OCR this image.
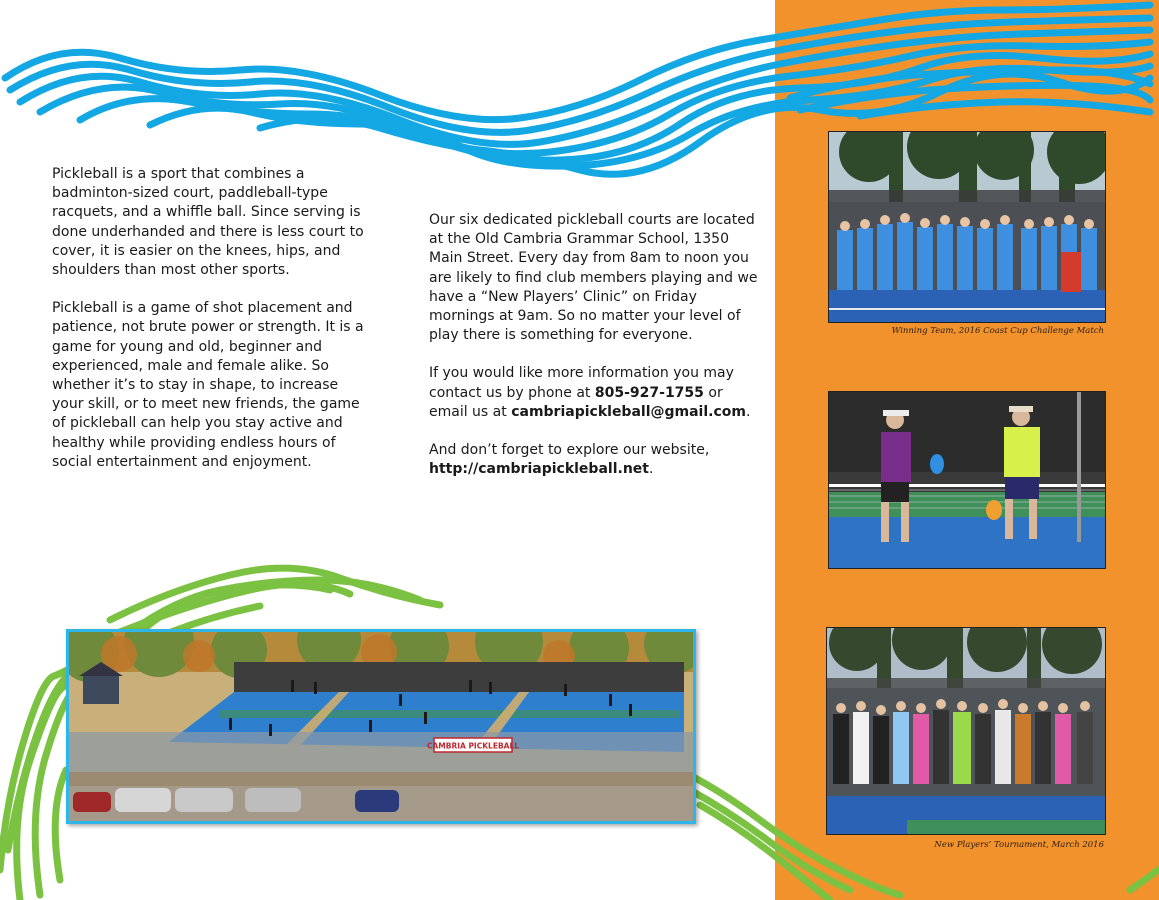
Pickleball is a sport that combines a badminton-sized court, paddleball-type racquets, and a whiffle ball. Since serving is done underhanded and there is less court to cover, it is easier on the knees, hips, and shoulders than most other sports.

Pickleball is a game of shot placement and patience, not brute power or strength. It is a game for young and old, beginner and experienced, male and female alike. So whether it’s to stay in shape, to increase your skill, or to meet new friends, the game of pickleball can help you stay active and healthy while providing endless hours of social entertainment and enjoyment.

Our six dedicated pickleball courts are located at the Old Cambria Grammar School, 1350 Main Street. Every day from 8am to noon you are likely to find club members playing and we have a “New Players’ Clinic” on Friday mornings at 9am. So no matter your level of play there is something for everyone.

If you would like more information you may contact us by phone at 805-927-1755 or email us at cambriapickleball@gmail.com.

And don’t forget to explore our website, http://cambriapickleball.net.

Winning Team, 2016 Coast Cup Challenge Match
New Players’ Tournament, March 2016
CAMBRIA PICKLEBALL
